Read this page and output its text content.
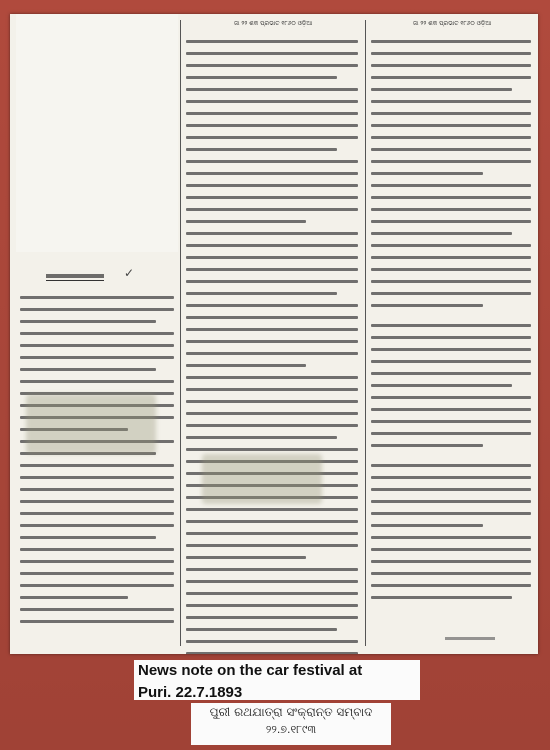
✓
ଜା ୨୨ ଶକ ପ୍ରଭାତ ୧୮୬୦ ଓଡ଼ିଆ	ଜା ୨୨ ଶକ ପ୍ରଭାତ ୧୮୬୦ ଓଡ଼ିଆ
News note on the car festival at
Puri. 22.7.1893
ପୁରୀ ରଥଯାତ୍ରା ସଂକ୍ରାନ୍ତ ସମ୍ବାଦ
୨୨.୭.୧୮୯୩
